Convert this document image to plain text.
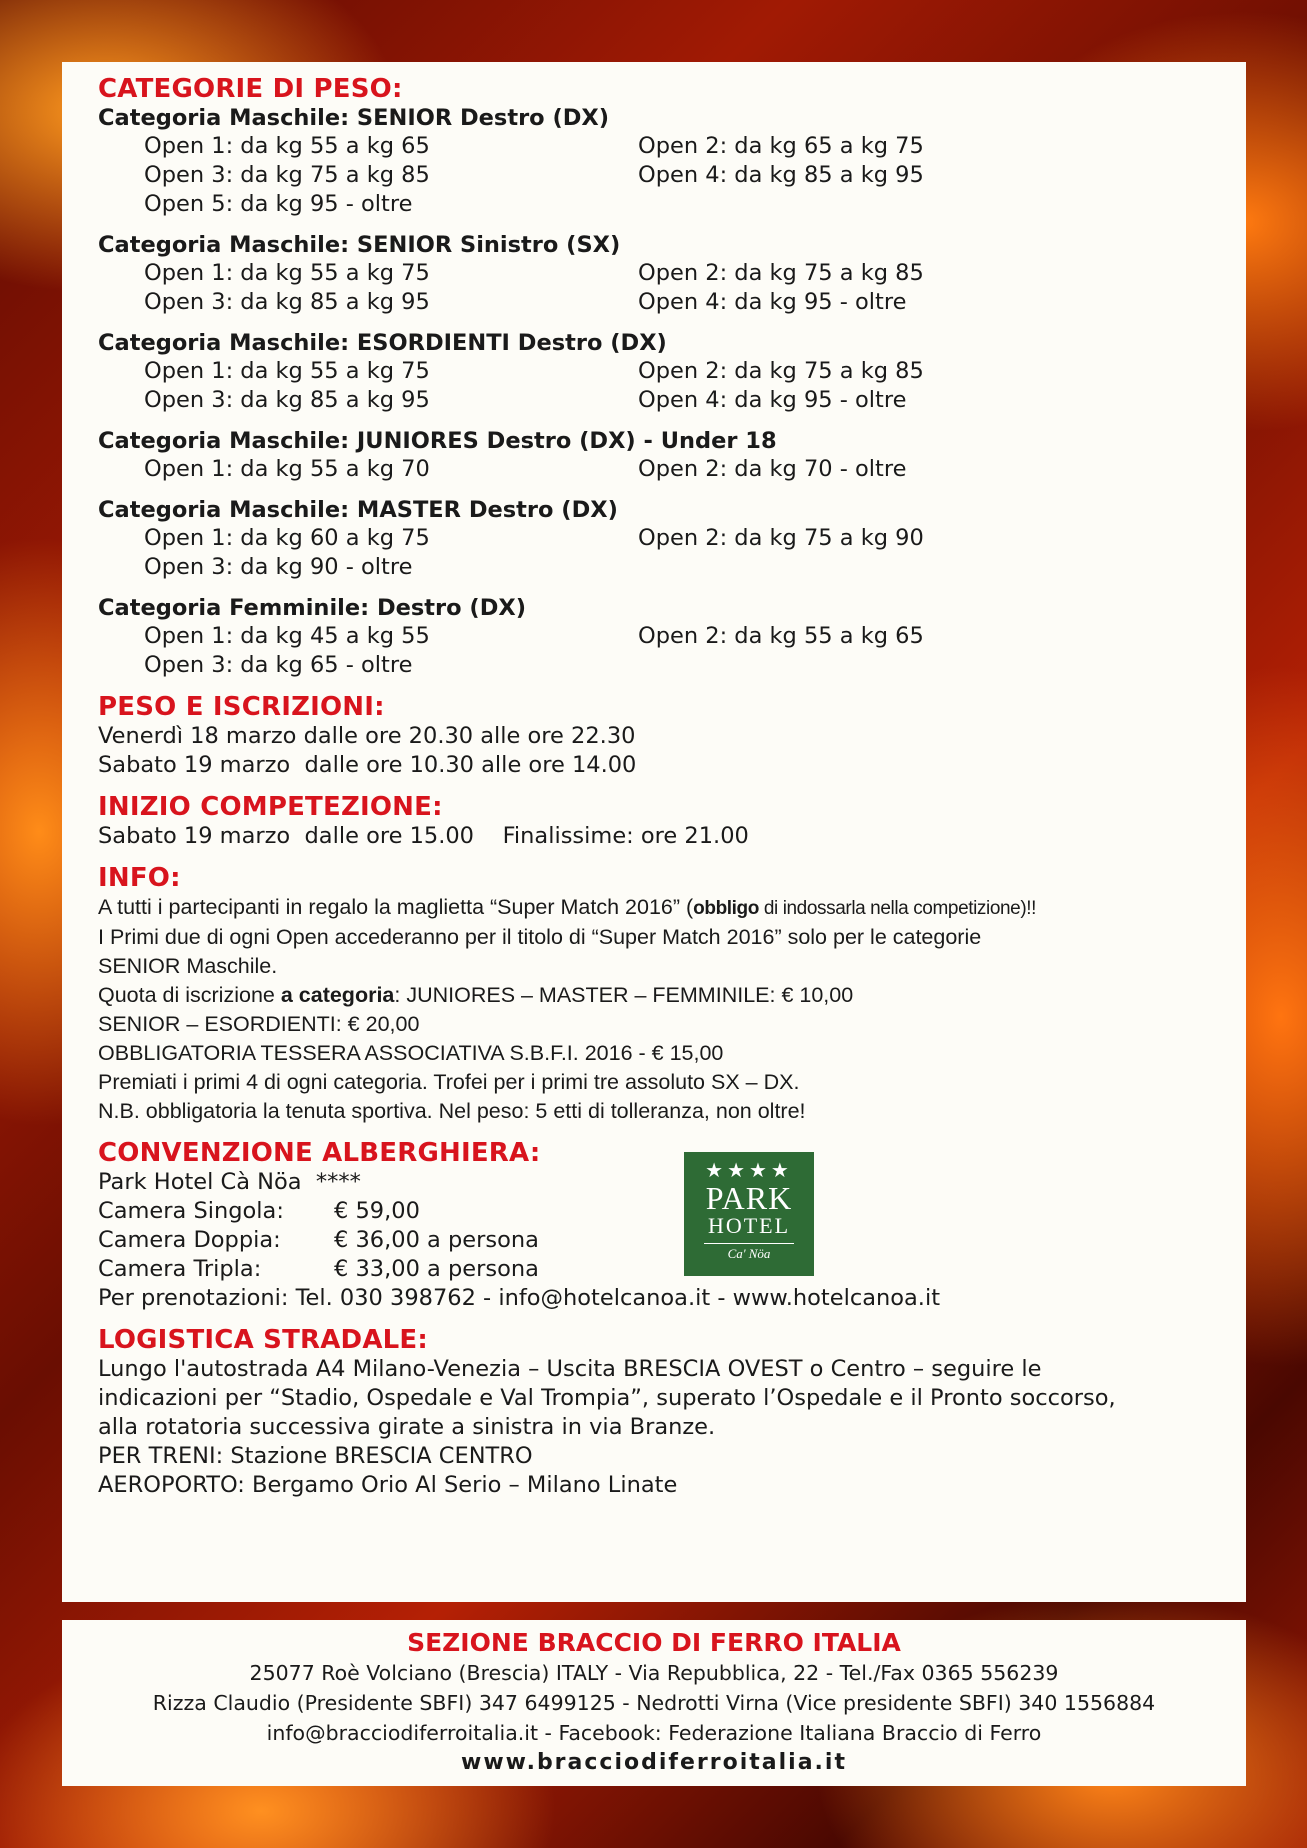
CATEGORIE DI PESO:

Categoria Maschile: SENIOR Destro (DX)

Open 1: da kg 55 a kg 65	Open 2: da kg 65 a kg 75
Open 3: da kg 75 a kg 85	Open 4: da kg 85 a kg 95
Open 5: da kg 95 - oltre

Categoria Maschile: SENIOR Sinistro (SX)

Open 1: da kg 55 a kg 75	Open 2: da kg 75 a kg 85
Open 3: da kg 85 a kg 95	Open 4: da kg 95 - oltre

Categoria Maschile: ESORDIENTI Destro (DX)

Open 1: da kg 55 a kg 75	Open 2: da kg 75 a kg 85
Open 3: da kg 85 a kg 95	Open 4: da kg 95 - oltre

Categoria Maschile: JUNIORES Destro (DX) - Under 18

Open 1: da kg 55 a kg 70	Open 2: da kg 70 - oltre

Categoria Maschile: MASTER Destro (DX)

Open 1: da kg 60 a kg 75	Open 2: da kg 75 a kg 90
Open 3: da kg 90 - oltre

Categoria Femminile: Destro (DX)

Open 1: da kg 45 a kg 55	Open 2: da kg 55 a kg 65
Open 3: da kg 65 - oltre
PESO E ISCRIZIONI:

Venerdì 18 marzo dalle ore 20.30 alle ore 22.30

Sabato 19 marzo  dalle ore 10.30 alle ore 14.00

INIZIO COMPETEZIONE:

Sabato 19 marzo  dalle ore 15.00    Finalissime: ore 21.00

INFO:

A tutti i partecipanti in regalo la maglietta “Super Match 2016” (obbligo di indossarla nella competizione)!!

I Primi due di ogni Open accederanno per il titolo di “Super Match 2016” solo per le categorie

SENIOR Maschile.

Quota di iscrizione a categoria: JUNIORES – MASTER – FEMMINILE: € 10,00

SENIOR – ESORDIENTI: € 20,00

OBBLIGATORIA TESSERA ASSOCIATIVA S.B.F.I. 2016 - € 15,00

Premiati i primi 4 di ogni categoria. Trofei per i primi tre assoluto SX – DX.

N.B. obbligatoria la tenuta sportiva. Nel peso: 5 etti di tolleranza, non oltre!

CONVENZIONE ALBERGHIERA:

Park Hotel Cà Nöa  ****

Camera Singola:	€ 59,00
Camera Doppia:	€ 36,00 a persona
Camera Tripla:	€ 33,00 a persona

Per prenotazioni: Tel. 030 398762 - info@hotelcanoa.it - www.hotelcanoa.it

★★★★
PARK
HOTEL
Ca' Nöa
LOGISTICA STRADALE:

Lungo l'autostrada A4 Milano-Venezia – Uscita BRESCIA OVEST o Centro – seguire le

indicazioni per “Stadio, Ospedale e Val Trompia”, superato l’Ospedale e il Pronto soccorso,

alla rotatoria successiva girate a sinistra in via Branze.

PER TRENI: Stazione BRESCIA CENTRO

AEROPORTO: Bergamo Orio Al Serio – Milano Linate

SEZIONE BRACCIO DI FERRO ITALIA
25077 Roè Volciano (Brescia) ITALY - Via Repubblica, 22 - Tel./Fax 0365 556239
Rizza Claudio (Presidente SBFI) 347 6499125 - Nedrotti Virna (Vice presidente SBFI) 340 1556884
info@bracciodiferroitalia.it - Facebook: Federazione Italiana Braccio di Ferro
www.bracciodiferroitalia.it
